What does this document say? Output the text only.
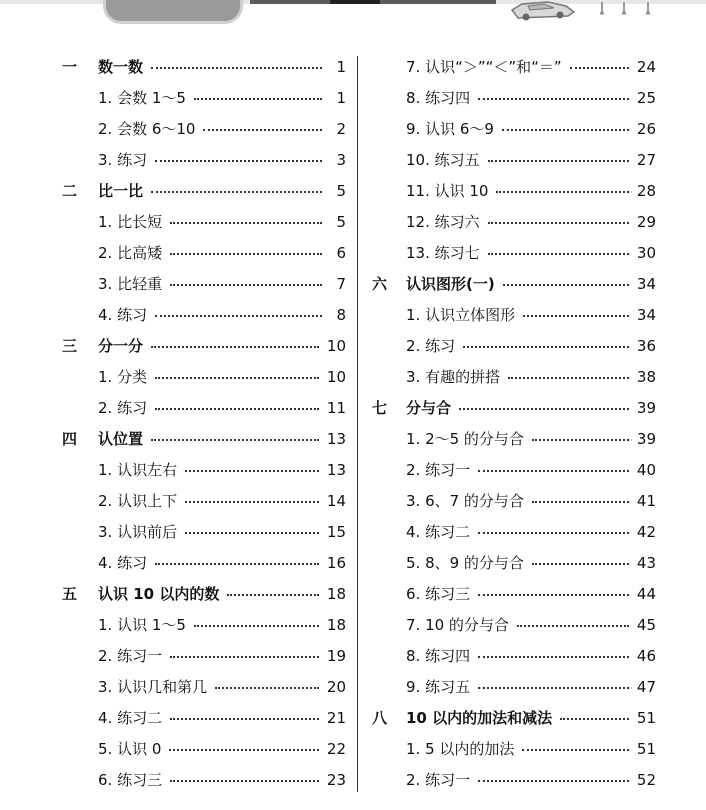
一	数一数	1
1. 会数 1～5	1
2. 会数 6～10	2
3. 练习	3
二	比一比	5
1. 比长短	5
2. 比高矮	6
3. 比轻重	7
4. 练习	8
三	分一分	10
1. 分类	10
2. 练习	11
四	认位置	13
1. 认识左右	13
2. 认识上下	14
3. 认识前后	15
4. 练习	16
五	认识 10 以内的数	18
1. 认识 1～5	18
2. 练习一	19
3. 认识几和第几	20
4. 练习二	21
5. 认识 0	22
6. 练习三	23
7. 认识“＞”“＜”和“＝”	24
8. 练习四	25
9. 认识 6～9	26
10. 练习五	27
11. 认识 10	28
12. 练习六	29
13. 练习七	30
六	认识图形(一)	34
1. 认识立体图形	34
2. 练习	36
3. 有趣的拼搭	38
七	分与合	39
1. 2～5 的分与合	39
2. 练习一	40
3. 6、7 的分与合	41
4. 练习二	42
5. 8、9 的分与合	43
6. 练习三	44
7. 10 的分与合	45
8. 练习四	46
9. 练习五	47
八	10 以内的加法和减法	51
1. 5 以内的加法	51
2. 练习一	52
